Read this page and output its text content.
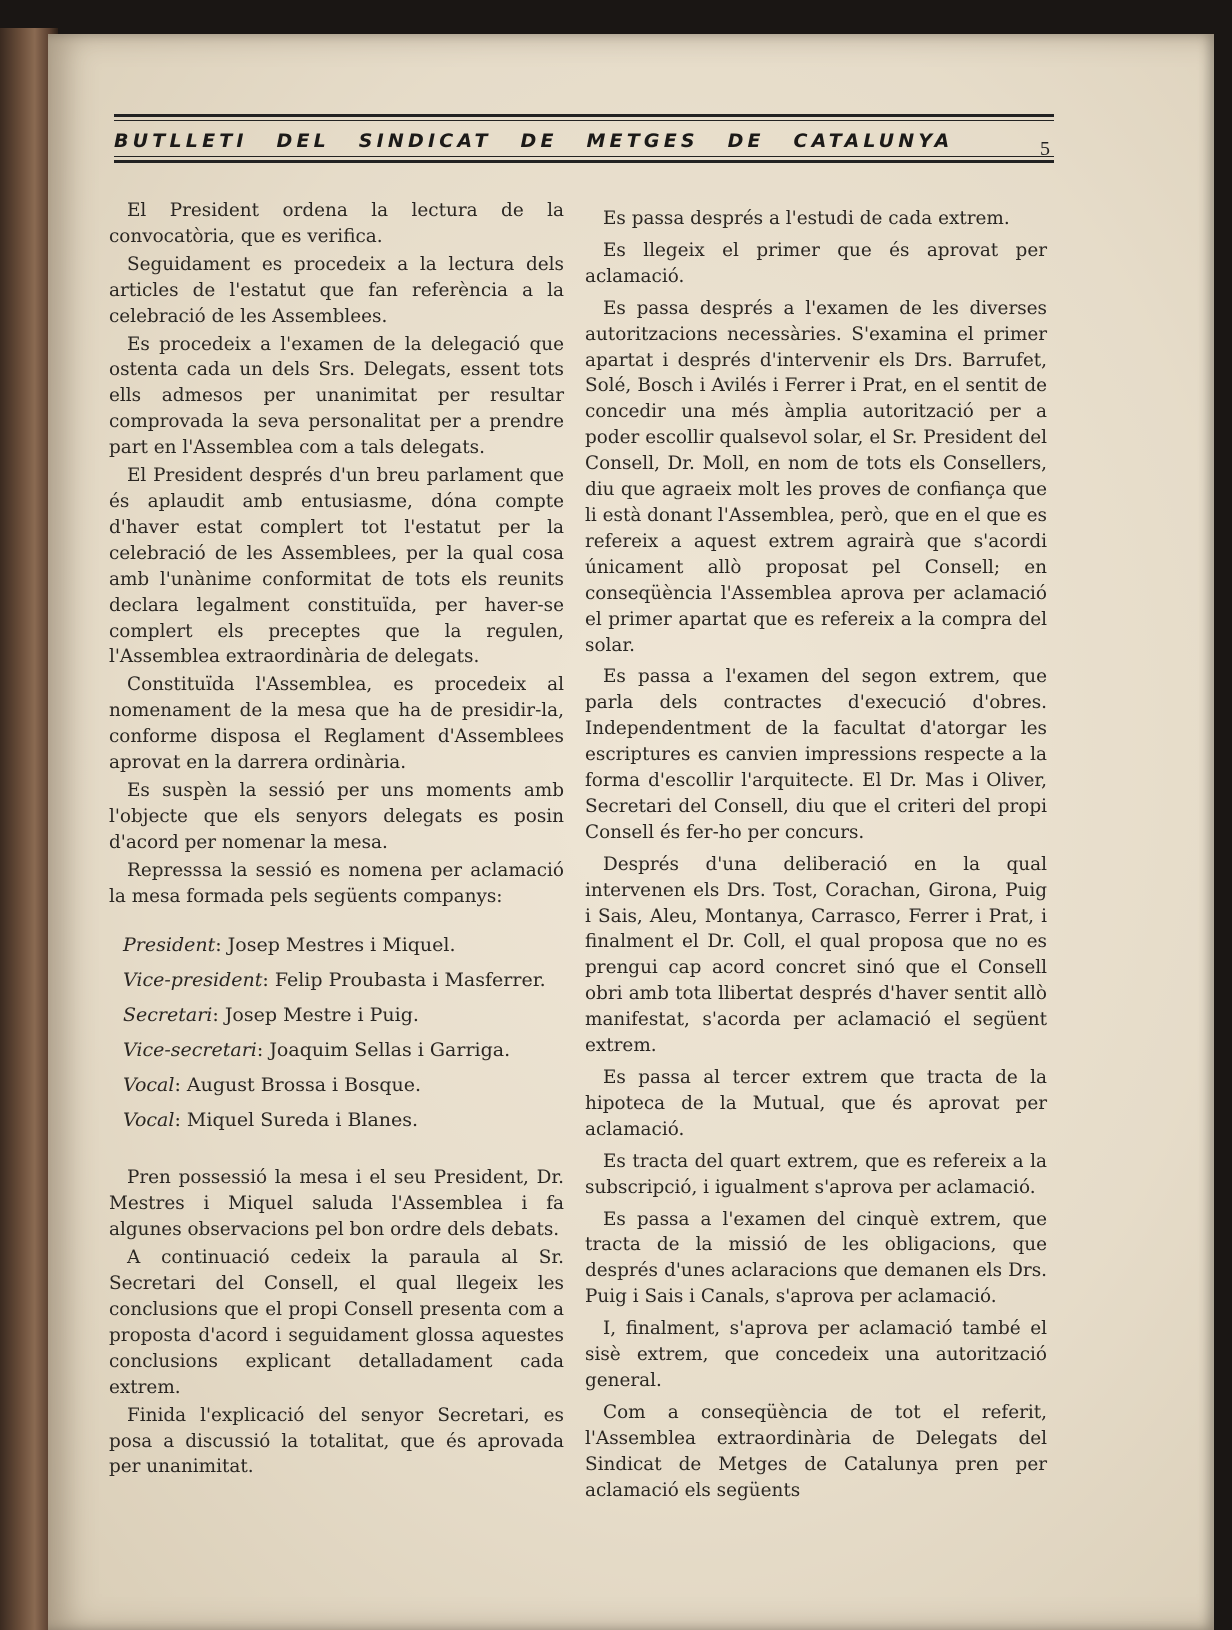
BUTLLETI DEL SINDICAT DE METGES DE CATALUNYA	5

El President ordena la lectura de la convocatòria, que es verifica.

Seguidament es procedeix a la lectura dels articles de l'estatut que fan referència a la celebració de les Assemblees.

Es procedeix a l'examen de la delegació que ostenta cada un dels Srs. Delegats, essent tots ells admesos per unanimitat per resultar comprovada la seva personalitat per a prendre part en l'Assemblea com a tals delegats.

El President després d'un breu parlament que és aplaudit amb entusiasme, dóna compte d'haver estat complert tot l'estatut per la celebració de les Assemblees, per la qual cosa amb l'unànime conformitat de tots els reunits declara legalment constituïda, per haver-se complert els preceptes que la regulen, l'Assemblea extraordinària de delegats.

Constituïda l'Assemblea, es procedeix al nomenament de la mesa que ha de presidir-la, conforme disposa el Reglament d'Assemblees aprovat en la darrera ordinària.

Es suspèn la sessió per uns moments amb l'objecte que els senyors delegats es posin d'acord per nomenar la mesa.

Represssa la sessió es nomena per aclamació la mesa formada pels següents companys:

President: Josep Mestres i Miquel.
Vice-president: Felip Proubasta i Masferrer.
Secretari: Josep Mestre i Puig.
Vice-secretari: Joaquim Sellas i Garriga.
Vocal: August Brossa i Bosque.
Vocal: Miquel Sureda i Blanes.

Pren possessió la mesa i el seu President, Dr. Mestres i Miquel saluda l'Assemblea i fa algunes observacions pel bon ordre dels debats.

A continuació cedeix la paraula al Sr. Secretari del Consell, el qual llegeix les conclusions que el propi Consell presenta com a proposta d'acord i seguidament glossa aquestes conclusions explicant detalladament cada extrem.

Finida l'explicació del senyor Secretari, es posa a discussió la totalitat, que és aprovada per unanimitat.

Es passa després a l'estudi de cada extrem.

Es llegeix el primer que és aprovat per aclamació.

Es passa després a l'examen de les diverses autoritzacions necessàries. S'examina el primer apartat i després d'intervenir els Drs. Barrufet, Solé, Bosch i Avilés i Ferrer i Prat, en el sentit de concedir una més àmplia autorització per a poder escollir qualsevol solar, el Sr. President del Consell, Dr. Moll, en nom de tots els Consellers, diu que agraeix molt les proves de confiança que li està donant l'Assemblea, però, que en el que es refereix a aquest extrem agrairà que s'acordi únicament allò proposat pel Consell; en conseqüència l'Assemblea aprova per aclamació el primer apartat que es refereix a la compra del solar.

Es passa a l'examen del segon extrem, que parla dels contractes d'execució d'obres. Independentment de la facultat d'atorgar les escriptures es canvien impressions respecte a la forma d'escollir l'arquitecte. El Dr. Mas i Oliver, Secretari del Consell, diu que el criteri del propi Consell és fer-ho per concurs.

Després d'una deliberació en la qual intervenen els Drs. Tost, Corachan, Girona, Puig i Sais, Aleu, Montanya, Carrasco, Ferrer i Prat, i finalment el Dr. Coll, el qual proposa que no es prengui cap acord concret sinó que el Consell obri amb tota llibertat després d'haver sentit allò manifestat, s'acorda per aclamació el següent extrem.

Es passa al tercer extrem que tracta de la hipoteca de la Mutual, que és aprovat per aclamació.

Es tracta del quart extrem, que es refereix a la subscripció, i igualment s'aprova per aclamació.

Es passa a l'examen del cinquè extrem, que tracta de la missió de les obligacions, que després d'unes aclaracions que demanen els Drs. Puig i Sais i Canals, s'aprova per aclamació.

I, finalment, s'aprova per aclamació també el sisè extrem, que concedeix una autorització general.

Com a conseqüència de tot el referit, l'Assemblea extraordinària de Delegats del Sindicat de Metges de Catalunya pren per aclamació els següents
